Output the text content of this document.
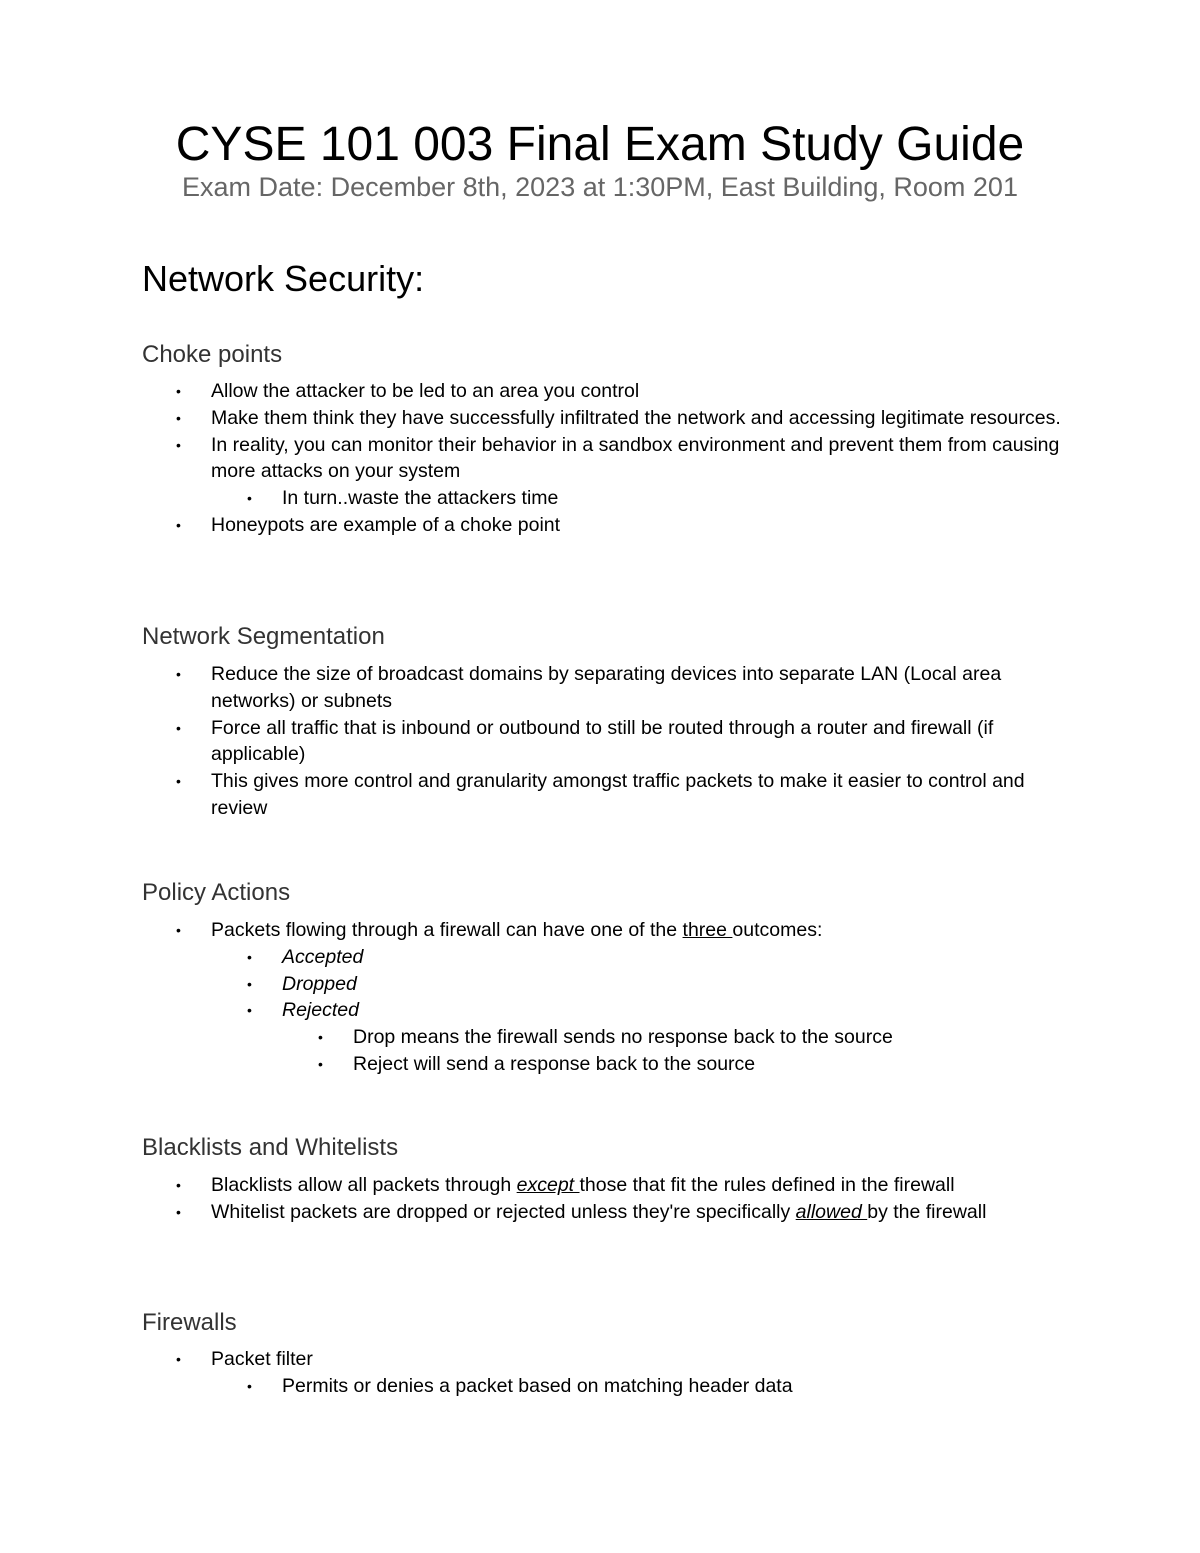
CYSE 101 003 Final Exam Study Guide
Exam Date: December 8th, 2023 at 1:30PM, East Building, Room 201
Network Security:
Choke points
• Allow the attacker to be led to an area you control
• Make them think they have successfully infiltrated the network and accessing legitimate resources.
• In reality, you can monitor their behavior in a sandbox environment and prevent them from causing more attacks on your system
• In turn..waste the attackers time
• Honeypots are example of a choke point
Network Segmentation
• Reduce the size of broadcast domains by separating devices into separate LAN (Local area networks) or subnets
• Force all traffic that is inbound or outbound to still be routed through a router and firewall (if applicable)
• This gives more control and granularity amongst traffic packets to make it easier to control and review
Policy Actions
• Packets flowing through a firewall can have one of the three outcomes:
• Accepted
• Dropped
• Rejected
• Drop means the firewall sends no response back to the source
• Reject will send a response back to the source
Blacklists and Whitelists
• Blacklists allow all packets through except those that fit the rules defined in the firewall
• Whitelist packets are dropped or rejected unless they're specifically allowed by the firewall
Firewalls
• Packet filter
• Permits or denies a packet based on matching header data
